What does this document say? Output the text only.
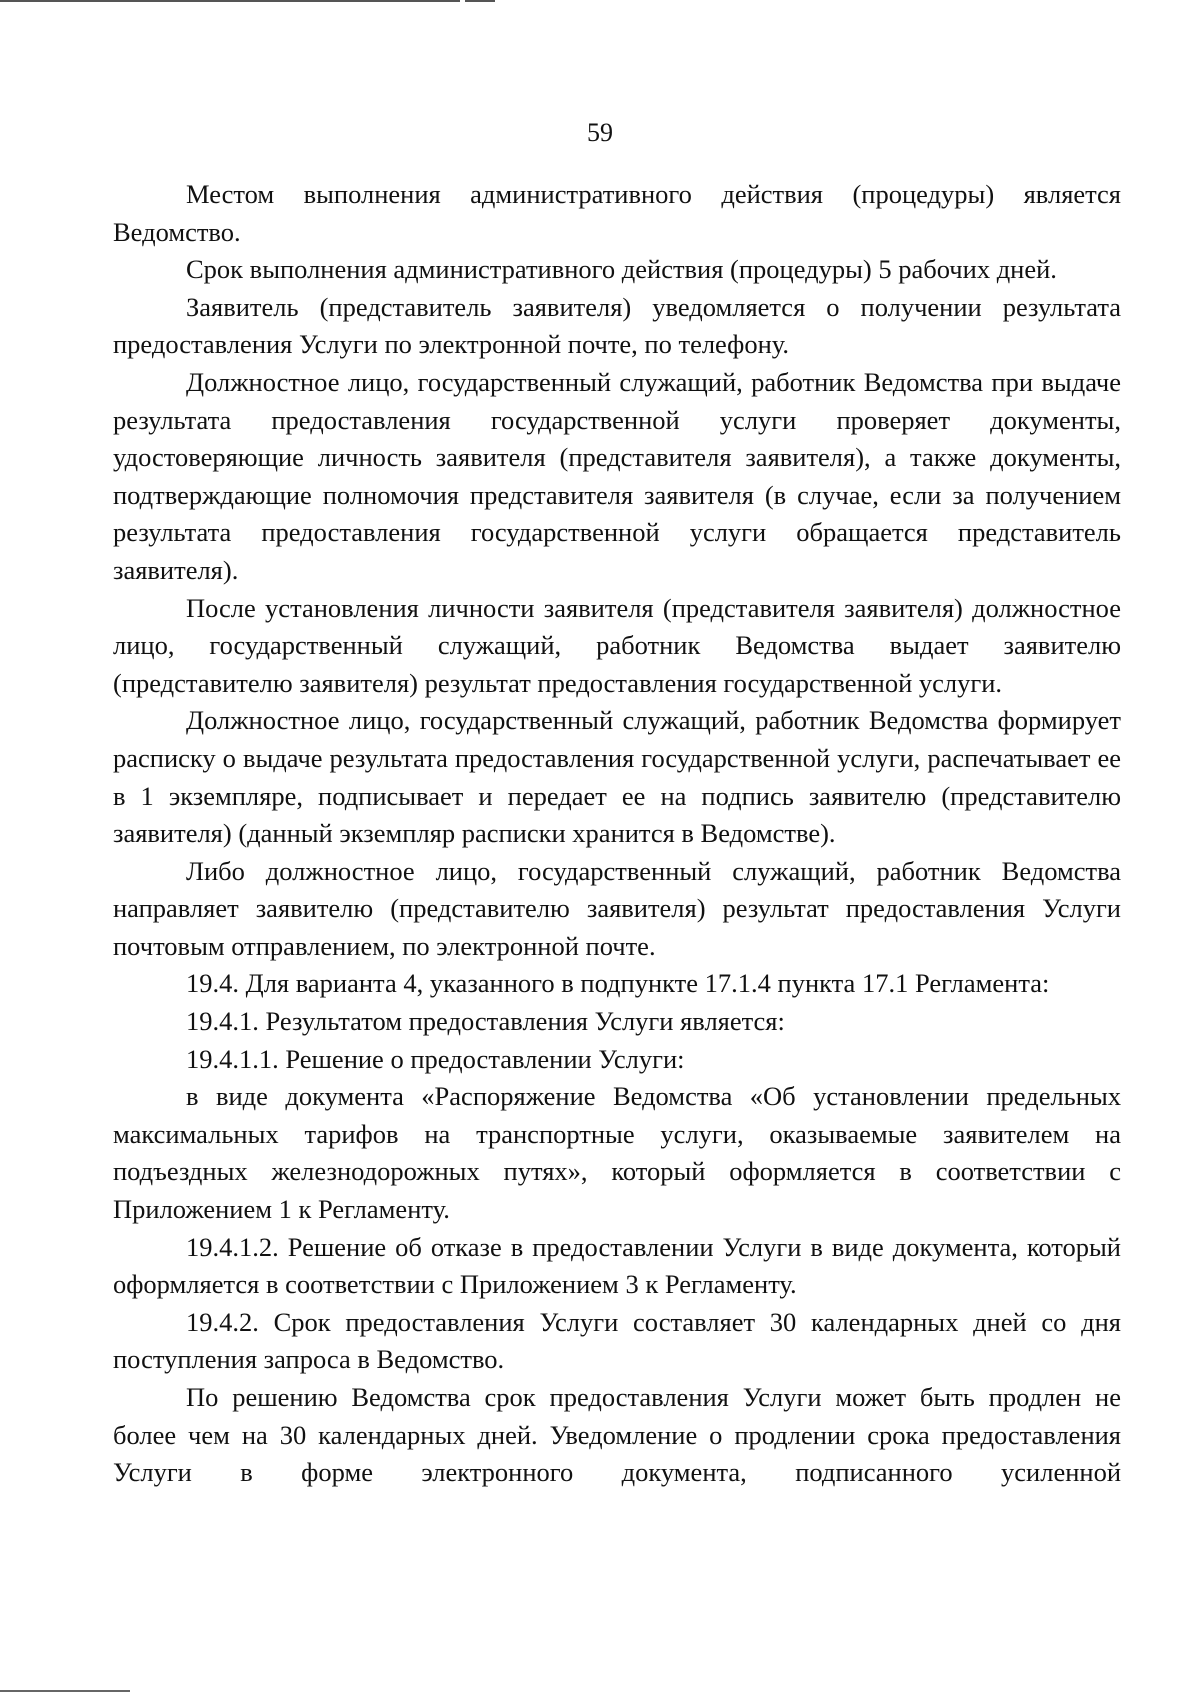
59

Местом выполнения административного действия (процедуры) является Ведомство.

Срок выполнения административного действия (процедуры) 5 рабочих дней.

Заявитель (представитель заявителя) уведомляется о получении результата предоставления Услуги по электронной почте, по телефону.

Должностное лицо, государственный служащий, работник Ведомства при выдаче результата предоставления государственной услуги проверяет документы, удостоверяющие личность заявителя (представителя заявителя), а также документы, подтверждающие полномочия представителя заявителя (в случае, если за получением результата предоставления государственной услуги обращается представитель заявителя).

После установления личности заявителя (представителя заявителя) должностное лицо, государственный служащий, работник Ведомства выдает заявителю (представителю заявителя) результат предоставления государственной услуги.

Должностное лицо, государственный служащий, работник Ведомства формирует расписку о выдаче результата предоставления государственной услуги, распечатывает ее в 1 экземпляре, подписывает и передает ее на подпись заявителю (представителю заявителя) (данный экземпляр расписки хранится в Ведомстве).

Либо должностное лицо, государственный служащий, работник Ведомства направляет заявителю (представителю заявителя) результат предоставления Услуги почтовым отправлением, по электронной почте.

19.4. Для варианта 4, указанного в подпункте 17.1.4 пункта 17.1 Регламента:

19.4.1. Результатом предоставления Услуги является:

19.4.1.1. Решение о предоставлении Услуги:

в виде документа «Распоряжение Ведомства «Об установлении предельных максимальных тарифов на транспортные услуги, оказываемые заявителем на подъездных железнодорожных путях», который оформляется в соответствии с Приложением 1 к Регламенту.

19.4.1.2. Решение об отказе в предоставлении Услуги в виде документа, который оформляется в соответствии с Приложением 3 к Регламенту.

19.4.2. Срок предоставления Услуги составляет 30 календарных дней со дня поступления запроса в Ведомство.

По решению Ведомства срок предоставления Услуги может быть продлен не более чем на 30 календарных дней. Уведомление о продлении срока предоставления Услуги в форме электронного документа, подписанного усиленной
